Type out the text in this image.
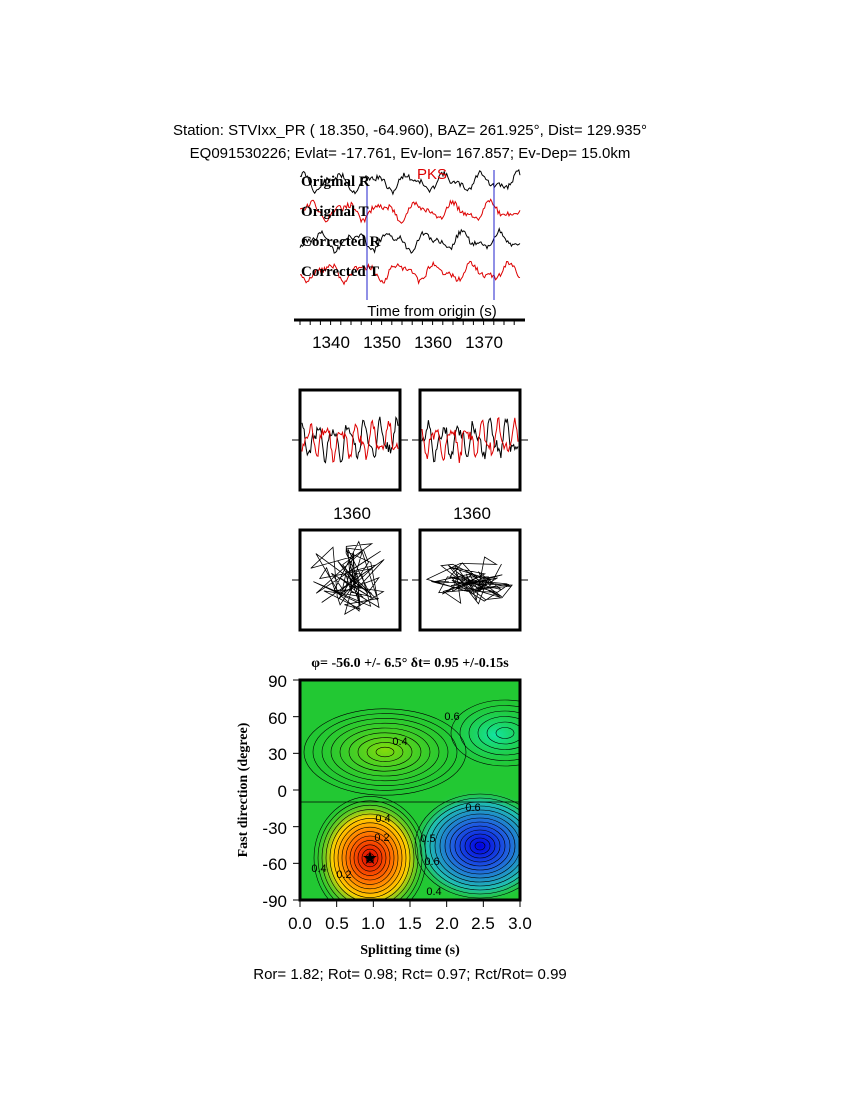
Station: STVIxx_PR ( 18.350, -64.960), BAZ= 261.925°, Dist= 129.935°
EQ091530226; Evlat= -17.761, Ev-lon= 167.857; Ev-Dep= 15.0km
PKS
Original R
Original T
Corrected R
Corrected T
Time from origin (s)
1340 1350 1360 1370
1360	1360
φ= -56.0 +/- 6.5° δt= 0.95 +/-0.15s
0.6
0.4
0.6
0.4
0.2
0.4 0.2
0.4
0.5
0.6
★
0.0 0.5 1.0 1.5 2.0 2.5 3.0
90
60
30
0
-30
-60
-90
Splitting time (s)
Fast direction (degree)
Ror= 1.82; Rot= 0.98; Rct= 0.97; Rct/Rot= 0.99
